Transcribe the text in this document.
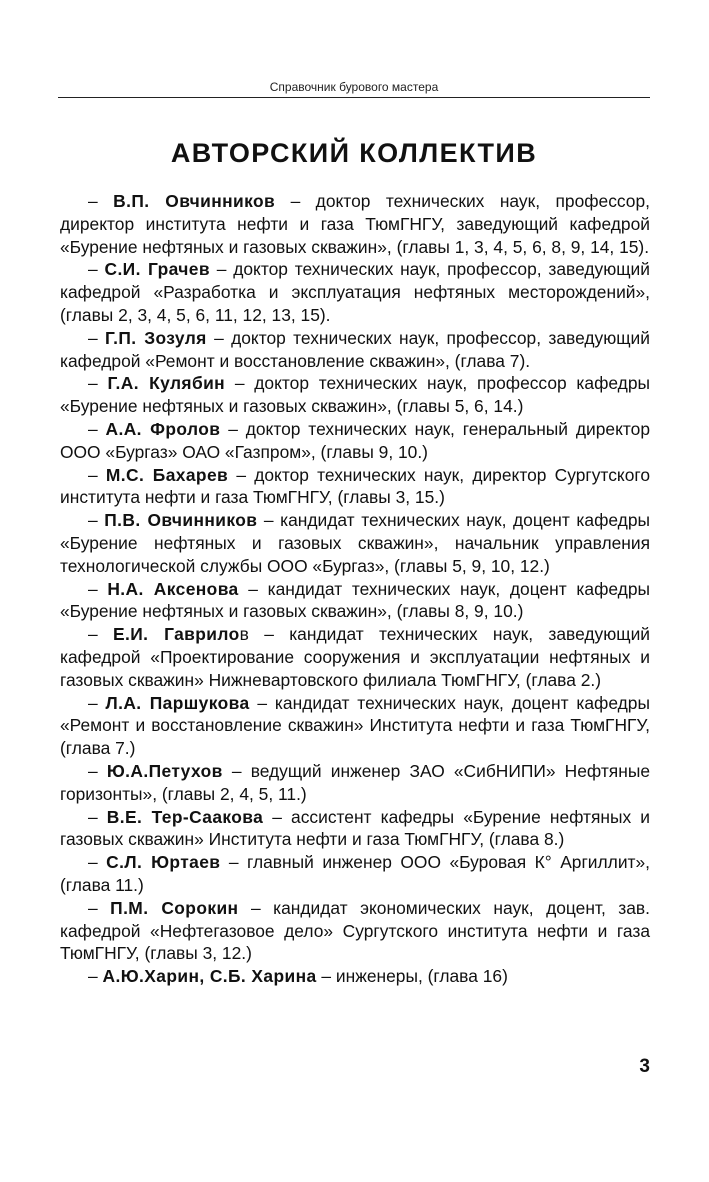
Справочник бурового мастера
АВТОРСКИЙ КОЛЛЕКТИВ

– В.П. Овчинников – доктор технических наук, профессор, директор института нефти и газа ТюмГНГУ, заведующий кафедрой «Бурение нефтяных и газовых скважин», (главы 1, 3, 4, 5, 6, 8, 9, 14, 15).

– С.И. Грачев – доктор технических наук, профессор, заведующий кафедрой «Разработка и эксплуатация нефтяных месторождений», (главы 2, 3, 4, 5, 6, 11, 12, 13, 15).

– Г.П. Зозуля – доктор технических наук, профессор, заведующий кафедрой «Ремонт и восстановление скважин», (глава 7).

– Г.А. Кулябин – доктор технических наук, профессор кафедры «Бурение нефтяных и газовых скважин», (главы 5, 6, 14.)

– А.А. Фролов – доктор технических наук, генеральный директор ООО «Бургаз» ОАО «Газпром», (главы 9, 10.)

– М.С. Бахарев – доктор технических наук, директор Сургутского института нефти и газа ТюмГНГУ, (главы 3, 15.)

– П.В. Овчинников – кандидат технических наук, доцент кафедры «Бурение нефтяных и газовых скважин», начальник управления технологической службы ООО «Бургаз», (главы 5, 9, 10, 12.)

– Н.А. Аксенова – кандидат технических наук, доцент кафедры «Бурение нефтяных и газовых скважин», (главы 8, 9, 10.)

– Е.И. Гаврилов – кандидат технических наук, заведующий кафедрой «Проектирование сооружения и эксплуатации нефтяных и газовых скважин» Нижневартовского филиала ТюмГНГУ, (глава 2.)

– Л.А. Паршукова – кандидат технических наук, доцент кафедры «Ремонт и восстановление скважин» Института нефти и газа ТюмГНГУ, (глава 7.)

– Ю.А.Петухов – ведущий инженер ЗАО «СибНИПИ» Нефтяные горизонты», (главы 2, 4, 5, 11.)

– В.Е. Тер-Саакова – ассистент кафедры «Бурение нефтяных и газовых скважин» Института нефти и газа ТюмГНГУ, (глава 8.)

– С.Л. Юртаев – главный инженер ООО «Буровая К° Аргиллит», (глава 11.)

– П.М. Сорокин – кандидат экономических наук, доцент, зав. кафедрой «Нефтегазовое дело» Сургутского института нефти и газа ТюмГНГУ, (главы 3, 12.)

– А.Ю.Харин, С.Б. Харина – инженеры, (глава 16)

3
